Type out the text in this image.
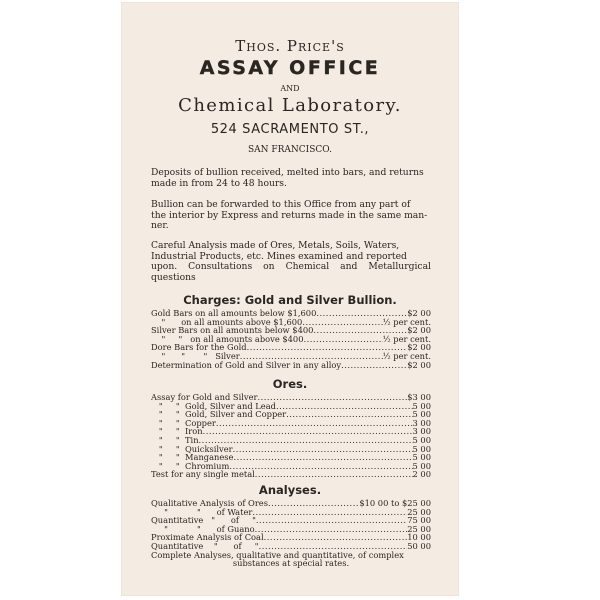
Thos. Price's
ASSAY OFFICE
AND
Chemical Laboratory.
524 SACRAMENTO ST.,
SAN FRANCISCO.
Deposits of bullion received, melted into bars, and returns
made in from 24 to 48 hours.
Bullion can be forwarded to this Office from any part of
the interior by Express and returns made in the same man-
ner.
Careful Analysis made of Ores, Metals, Soils, Waters,
Industrial Products, etc. Mines examined and reported
upon. Consultations on Chemical and Metallurgical questions
Charges: Gold and Silver Bullion.
Gold Bars on all amounts below $1,600 .....	$2 00
"      on all amounts above $1,600 .....	½ per cent.
Silver Bars on all amounts below $400 .....	$2 00
"     "   on all amounts above $400 .....	½ per cent.
Dore Bars for the Gold .....	$2 00
"      "       "   Silver .....	½ per cent.
Determination of Gold and Silver in any alloy .....	$2 00
Ores.
Assay for Gold and Silver .....	$3 00
"     "  Gold, Silver and Lead .....	5 00
"     "  Gold, Silver and Copper .....	5 00
"     "  Copper .....	3 00
"     "  Iron .....	3 00
"     "  Tin .....	5 00
"     "  Quicksilver .....	5 00
"     "  Manganese .....	5 00
"     "  Chromium .....	5 00
Test for any single metal .....	2 00
Analyses.
Qualitative Analysis of Ores .....	$10 00 to $25 00
"           "      of Water .....	25 00
Quantitative   "      of     " .....	75 00
"           "      of Guano .....	25 00
Proximate Analysis of Coal .....	10 00
Quantitative    "      of     " .....	50 00
Complete Analyses, qualitative and quantitative, of complex
substances at special rates.
